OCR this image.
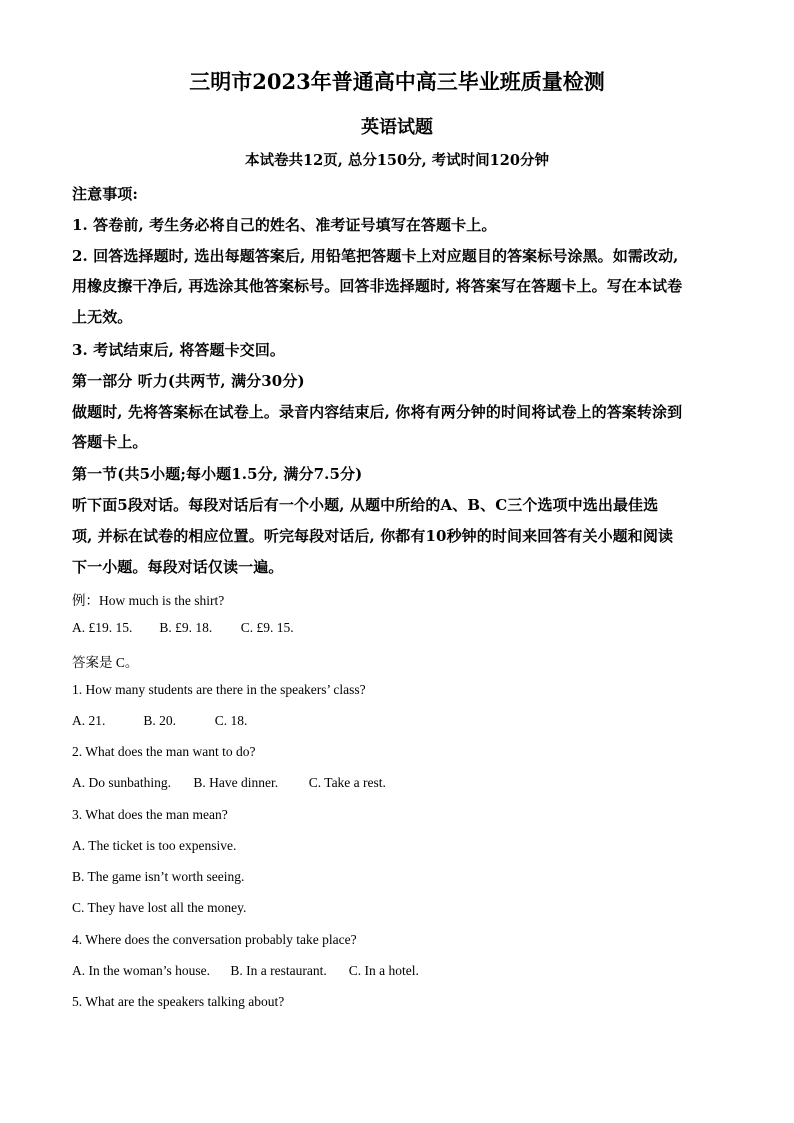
三明市2023年普通高中高三毕业班质量检测
英语试题
本试卷共12页, 总分150分, 考试时间120分钟
注意事项:
1. 答卷前, 考生务必将自己的姓名、准考证号填写在答题卡上。
2. 回答选择题时, 选出每题答案后, 用铅笔把答题卡上对应题目的答案标号涂黑。如需改动,
用橡皮擦干净后, 再选涂其他答案标号。回答非选择题时, 将答案写在答题卡上。写在本试卷
上无效。
3. 考试结束后, 将答题卡交回。
第一部分 听力(共两节, 满分30分)
做题时, 先将答案标在试卷上。录音内容结束后, 你将有两分钟的时间将试卷上的答案转涂到
答题卡上。
第一节(共5小题;每小题1.5分, 满分7.5分)
听下面5段对话。每段对话后有一个小题, 从题中所给的A、B、C三个选项中选出最佳选
项, 并标在试卷的相应位置。听完每段对话后, 你都有10秒钟的时间来回答有关小题和阅读
下一小题。每段对话仅读一遍。
例：How much is the shirt?
A. £19. 15. B. £9. 18. C. £9. 15.
答案是 C。
1. How many students are there in the speakers’ class?
A. 21.	B. 20.	C. 18.
2. What does the man want to do?
A. Do sunbathing. B. Have dinner. C. Take a rest.
3. What does the man mean?
A. The ticket is too expensive.
B. The game isn’t worth seeing.
C. They have lost all the money.
4. Where does the conversation probably take place?
A. In the woman’s house. B. In a restaurant. C. In a hotel.
5. What are the speakers talking about?
